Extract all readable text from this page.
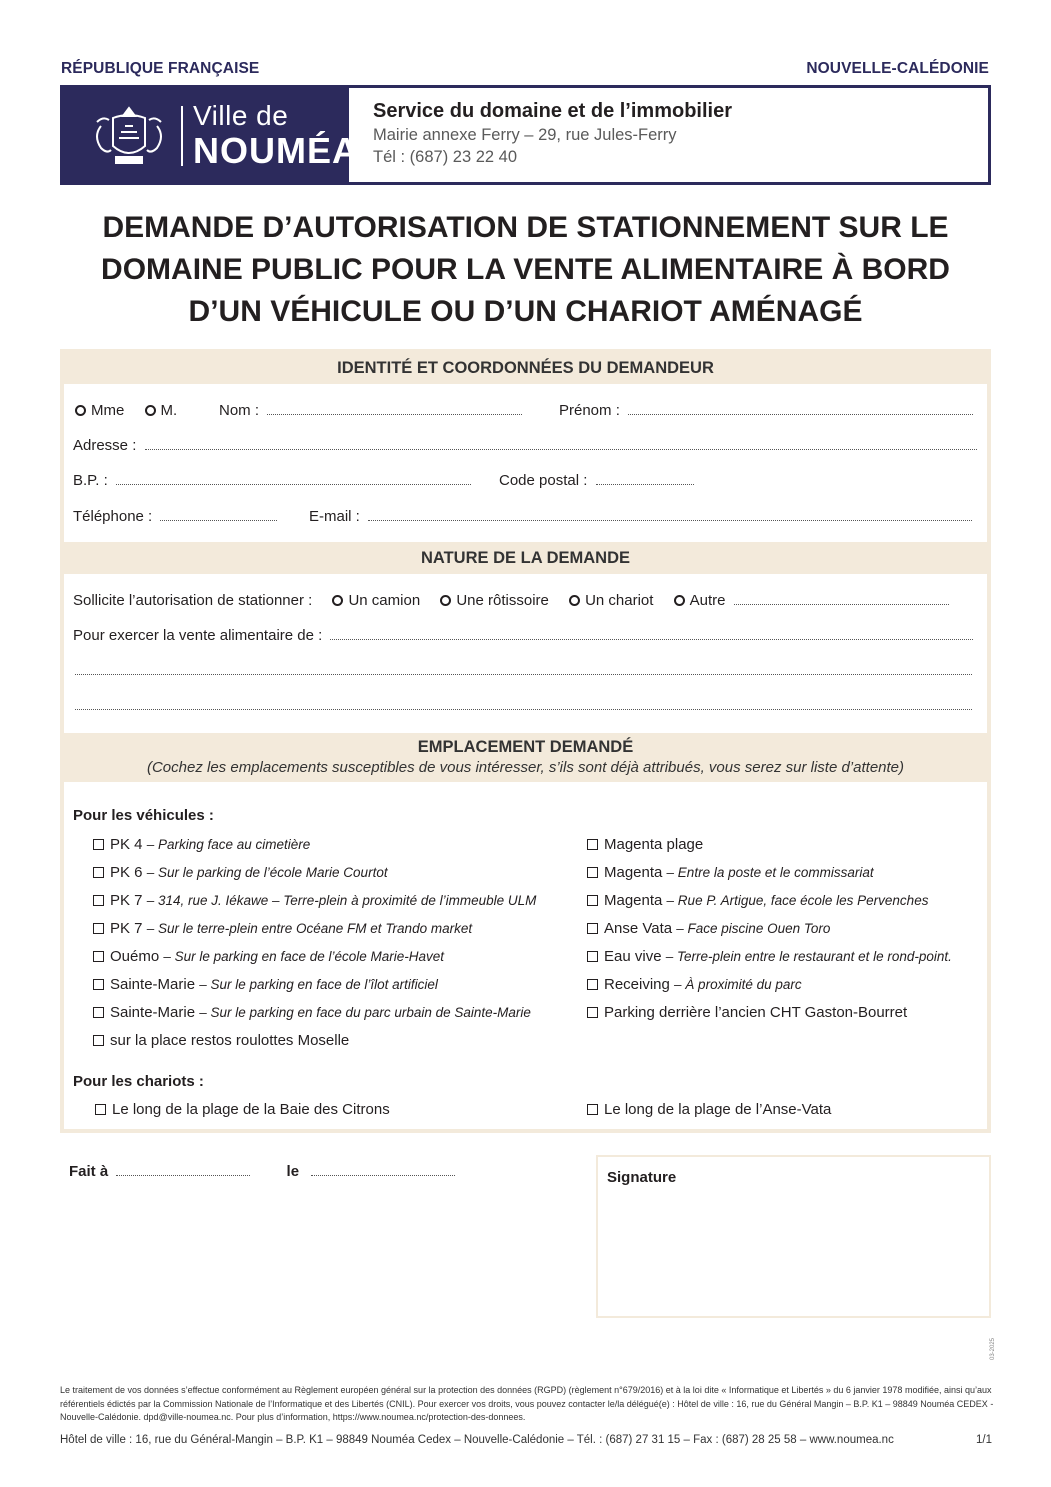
RÉPUBLIQUE FRANÇAISE	NOUVELLE-CALÉDONIE
Ville de
NOUMÉA
Service du domaine et de l’immobilier
Mairie annexe Ferry – 29, rue Jules-Ferry
Tél : (687) 23 22 40
DEMANDE D’AUTORISATION DE STATIONNEMENT SUR LE
DOMAINE PUBLIC POUR LA VENTE ALIMENTAIRE À BORD
D’UN VÉHICULE OU D’UN CHARIOT AMÉNAGÉ
IDENTITÉ ET COORDONNÉES DU DEMANDEUR
Mme M.	Nom :	Prénom :
Adresse :
B.P. :	Code postal :
Téléphone :	E-mail :
NATURE DE LA DEMANDE
Sollicite l’autorisation de stationner : Un camion Une rôtissoire Un chariot Autre
Pour exercer la vente alimentaire de :
EMPLACEMENT DEMANDÉ
(Cochez les emplacements susceptibles de vous intéresser, s’ils sont déjà attribués, vous serez sur liste d’attente)
Pour les véhicules :
PK 4 – Parking face au cimetière
PK 6 – Sur le parking de l’école Marie Courtot
PK 7 – 314, rue J. Iékawe – Terre-plein à proximité de l’immeuble ULM
PK 7 – Sur le terre-plein entre Océane FM et Trando market
Ouémo – Sur le parking en face de l’école Marie-Havet
Sainte-Marie – Sur le parking en face de l’îlot artificiel
Sainte-Marie – Sur le parking en face du parc urbain de Sainte-Marie
sur la place restos roulottes Moselle
Magenta plage
Magenta – Entre la poste et le commissariat
Magenta – Rue P. Artigue, face école les Pervenches
Anse Vata – Face piscine Ouen Toro
Eau vive – Terre-plein entre le restaurant et le rond-point.
Receiving – À proximité du parc
Parking derrière l’ancien CHT Gaston-Bourret
Pour les chariots :
Le long de la plage de la Baie des Citrons	Le long de la plage de l’Anse-Vata
Fait à	le	Signature
03-2025
Le traitement de vos données s’effectue conformément au Règlement européen général sur la protection des données (RGPD) (règlement n°679/2016) et à la loi dite « Informatique et Libertés » du 6 janvier 1978 modifiée, ainsi qu’aux référentiels édictés par la Commission Nationale de l’Informatique et des Libertés (CNIL). Pour exercer vos droits, vous pouvez contacter le/la délégué(e) : Hôtel de ville : 16, rue du Général Mangin – B.P. K1 – 98849 Nouméa CEDEX - Nouvelle-Calédonie. dpd@ville-noumea.nc. Pour plus d’information, https://www.noumea.nc/protection-des-donnees.
Hôtel de ville : 16, rue du Général-Mangin – B.P. K1 – 98849 Nouméa Cedex – Nouvelle-Calédonie – Tél. : (687) 27 31 15 – Fax : (687) 28 25 58 – www.noumea.nc	1/1
